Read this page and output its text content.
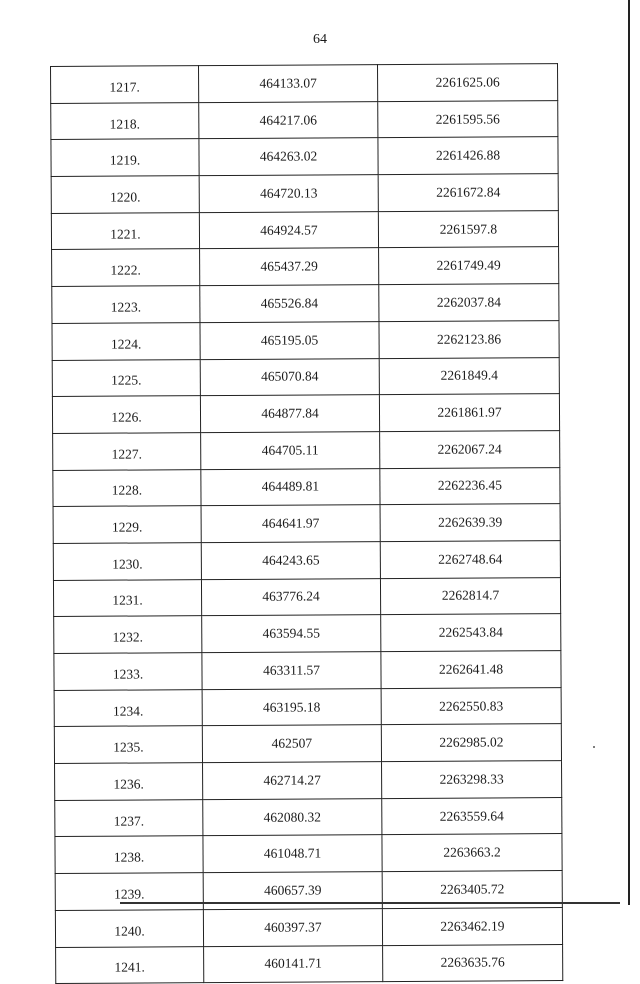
64
1217.	464133.07	2261625.06
1218.	464217.06	2261595.56
1219.	464263.02	2261426.88
1220.	464720.13	2261672.84
1221.	464924.57	2261597.8
1222.	465437.29	2261749.49
1223.	465526.84	2262037.84
1224.	465195.05	2262123.86
1225.	465070.84	2261849.4
1226.	464877.84	2261861.97
1227.	464705.11	2262067.24
1228.	464489.81	2262236.45
1229.	464641.97	2262639.39
1230.	464243.65	2262748.64
1231.	463776.24	2262814.7
1232.	463594.55	2262543.84
1233.	463311.57	2262641.48
1234.	463195.18	2262550.83
1235.	462507	2262985.02
1236.	462714.27	2263298.33
1237.	462080.32	2263559.64
1238.	461048.71	2263663.2
1239.	460657.39	2263405.72
1240.	460397.37	2263462.19
1241.	460141.71	2263635.76
